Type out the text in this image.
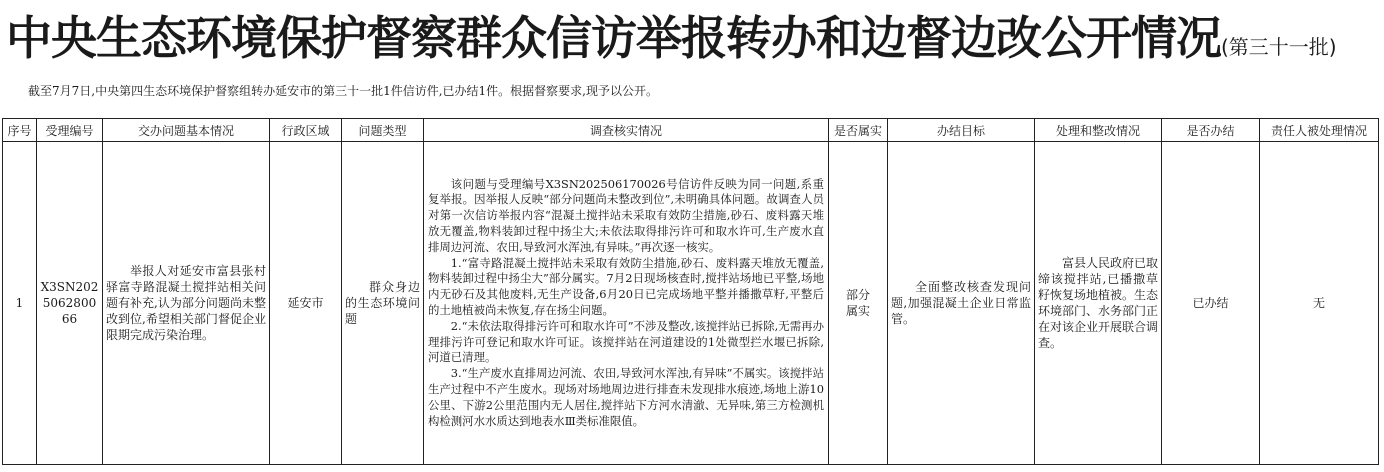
中央生态环境保护督察群众信访举报转办和边督边改公开情况(第三十一批)
截至7月7日,中央第四生态环境保护督察组转办延安市的第三十一批1件信访件,已办结1件。根据督察要求,现予以公开。
序号	受理编号	交办问题基本情况	行政区域	问题类型	调查核实情况	是否属实	办结目标	处理和整改情况	是否办结	责任人被处理情况
1	X3SN202506280066	举报人对延安市富县张村驿富寺路混凝土搅拌站相关问题有补充,认为部分问题尚未整改到位,希望相关部门督促企业限期完成污染治理。	延安市	群众身边的生态环境问题	该问题与受理编号X3SN202506170026号信访件反映为同一问题,系重复举报。因举报人反映“部分问题尚未整改到位”,未明确具体问题。故调查人员对第一次信访举报内容“混凝土搅拌站未采取有效防尘措施,砂石、废料露天堆放无覆盖,物料装卸过程中扬尘大;未依法取得排污许可和取水许可,生产废水直排周边河流、农田,导致河水浑浊,有异味。”再次逐一核实。

1.“富寺路混凝土搅拌站未采取有效防尘措施,砂石、废料露天堆放无覆盖,物料装卸过程中扬尘大”部分属实。7月2日现场核查时,搅拌站场地已平整,场地内无砂石及其他废料,无生产设备,6月20日已完成场地平整并播撒草籽,平整后的土地植被尚未恢复,存在扬尘问题。

2.“未依法取得排污许可和取水许可”不涉及整改,该搅拌站已拆除,无需再办理排污许可登记和取水许可证。该搅拌站在河道建设的1处微型拦水堰已拆除,河道已清理。

3.“生产废水直排周边河流、农田,导致河水浑浊,有异味”不属实。该搅拌站生产过程中不产生废水。现场对场地周边进行排查未发现排水痕迹,场地上游10公里、下游2公里范围内无人居住,搅拌站下方河水清澈、无异味,第三方检测机构检测河水水质达到地表水Ⅲ类标准限值。	部分属实	全面整改核查发现问题,加强混凝土企业日常监管。	富县人民政府已取缔该搅拌站,已播撒草籽恢复场地植被。生态环境部门、水务部门正在对该企业开展联合调查。	已办结	无
